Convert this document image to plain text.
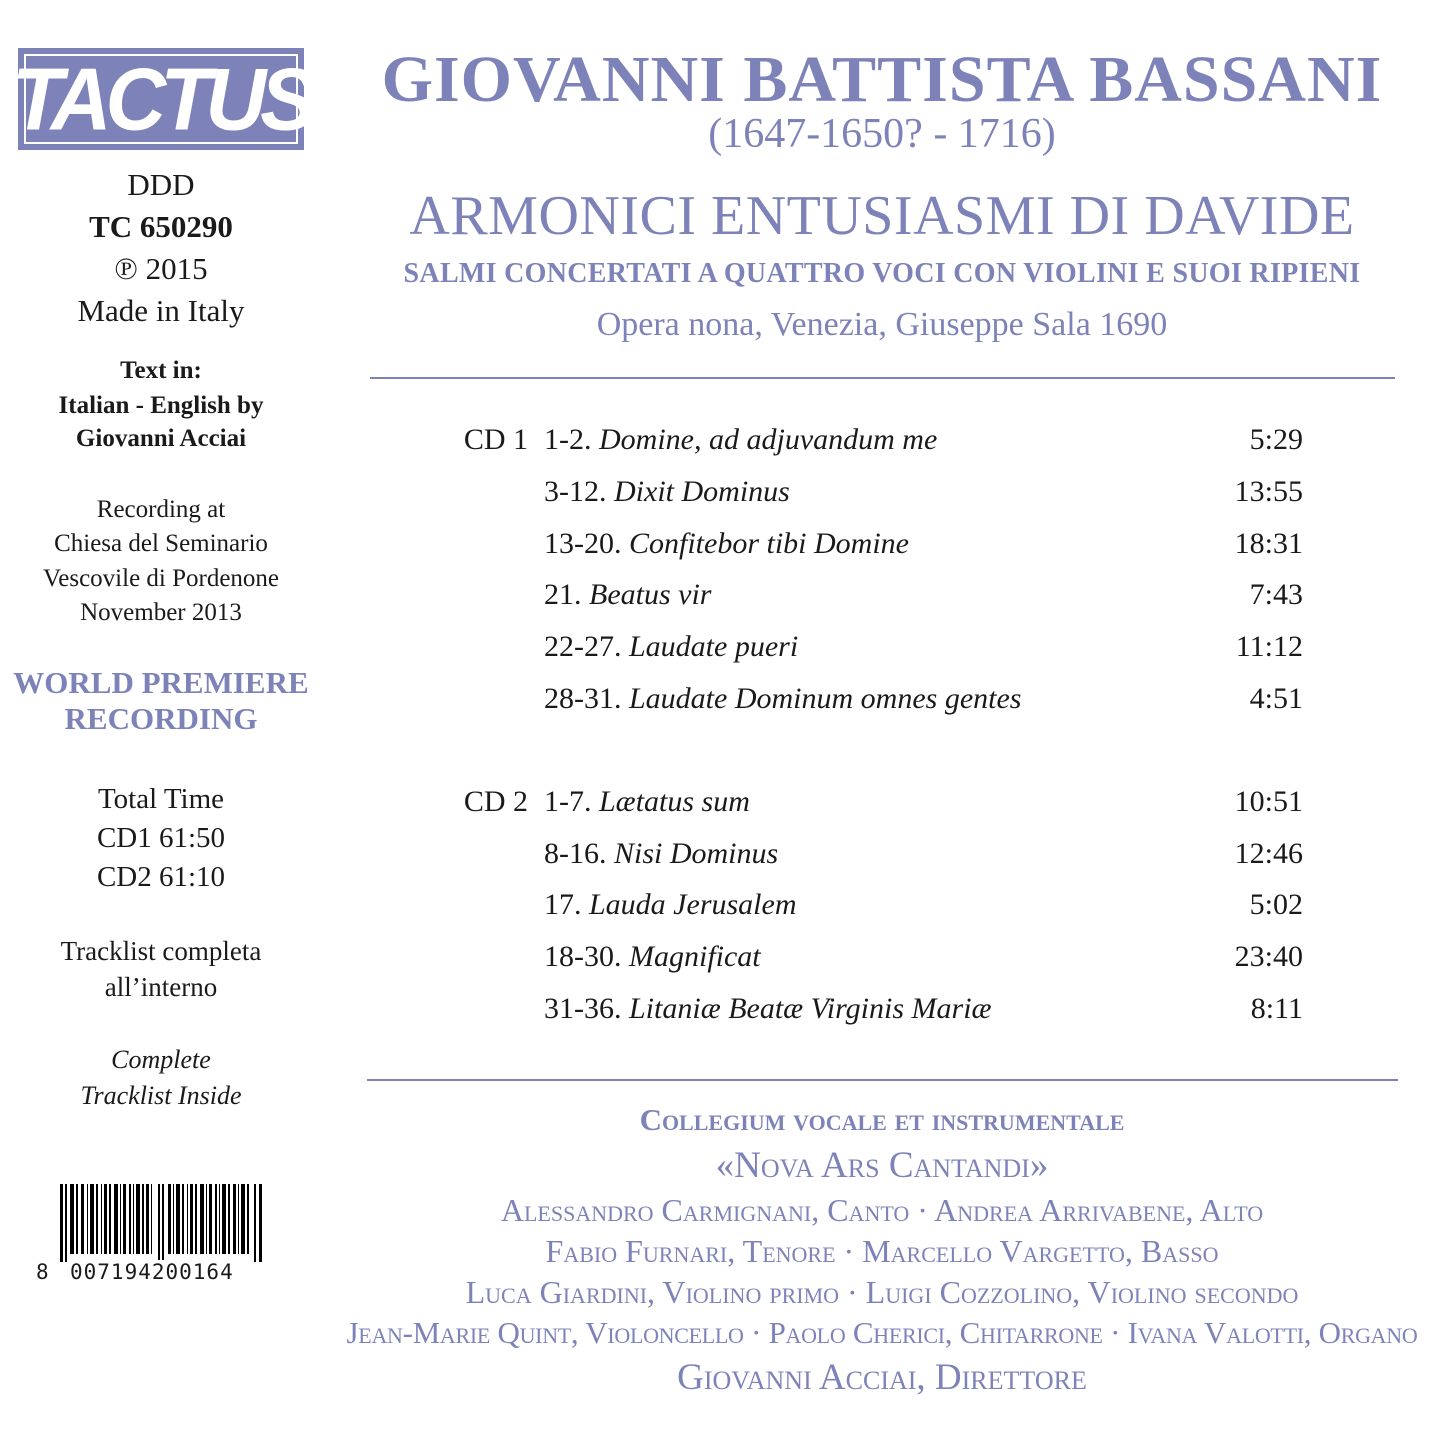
TACTUS
DDD
TC 650290
℗ 2015
Made in Italy
Text in:
Italian - English by
Giovanni Acciai
Recording at
Chiesa del Seminario
Vescovile di Pordenone
November 2013
WORLD PREMIERE
RECORDING
Total Time
CD1 61:50
CD2 61:10
Tracklist completa
all’interno
Complete
Tracklist Inside
8 007194200164
GIOVANNI BATTISTA BASSANI
(1647-1650? - 1716)
ARMONICI ENTUSIASMI DI DAVIDE
SALMI CONCERTATI A QUATTRO VOCI CON VIOLINI E SUOI RIPIENI
Opera nona, Venezia, Giuseppe Sala 1690
CD 1 1-2. Domine, ad adjuvandum me	5:29
3-12. Dixit Dominus	13:55
13-20. Confitebor tibi Domine	18:31
21. Beatus vir	7:43
22-27. Laudate pueri	11:12
28-31. Laudate Dominum omnes gentes	4:51
CD 2 1-7. Lætatus sum	10:51
8-16. Nisi Dominus	12:46
17. Lauda Jerusalem	5:02
18-30. Magnificat	23:40
31-36. Litaniæ Beatæ Virginis Mariæ	8:11
Collegium vocale et instrumentale
«Nova Ars Cantandi»
Alessandro Carmignani, Canto · Andrea Arrivabene, Alto
Fabio Furnari, Tenore · Marcello Vargetto, Basso
Luca Giardini, Violino primo · Luigi Cozzolino, Violino secondo
Jean-Marie Quint, Violoncello · Paolo Cherici, Chitarrone · Ivana Valotti, Organo
Giovanni Acciai, Direttore
